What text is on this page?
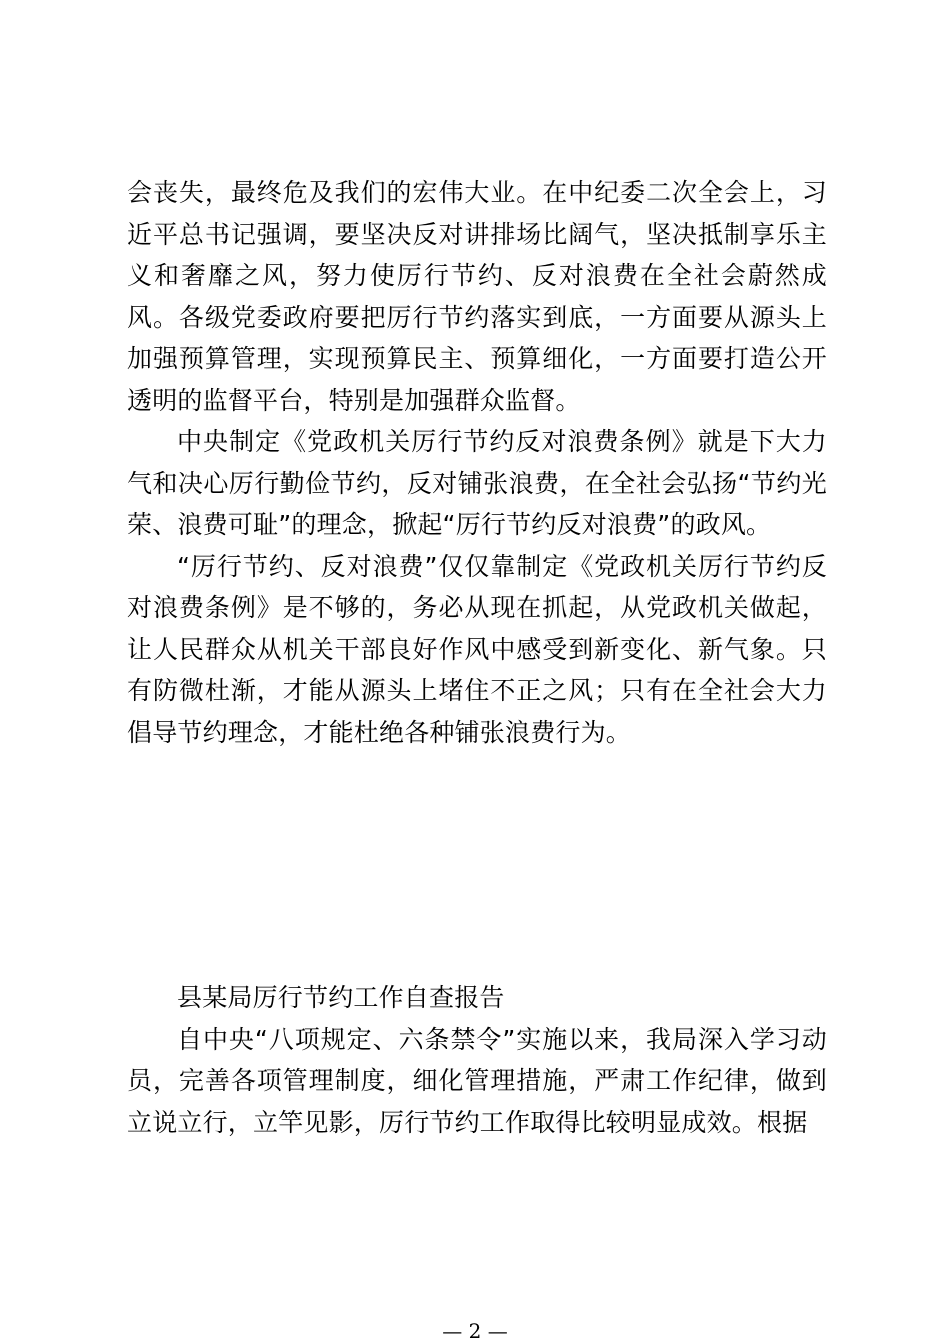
会丧失，最终危及我们的宏伟大业。在中纪委二次全会上，习近平总书记强调，要坚决反对讲排场比阔气，坚决抵制享乐主义和奢靡之风，努力使厉行节约、反对浪费在全社会蔚然成风。各级党委政府要把厉行节约落实到底，一方面要从源头上加强预算管理，实现预算民主、预算细化，一方面要打造公开透明的监督平台，特别是加强群众监督。

中央制定《党政机关厉行节约反对浪费条例》就是下大力气和决心厉行勤俭节约，反对铺张浪费，在全社会弘扬“节约光荣、浪费可耻”的理念，掀起“厉行节约反对浪费”的政风。

“厉行节约、反对浪费”仅仅靠制定《党政机关厉行节约反对浪费条例》是不够的，务必从现在抓起，从党政机关做起，让人民群众从机关干部良好作风中感受到新变化、新气象。只有防微杜渐，才能从源头上堵住不正之风；只有在全社会大力倡导节约理念，才能杜绝各种铺张浪费行为。

县某局厉行节约工作自查报告

自中央“八项规定、六条禁令”实施以来，我局深入学习动员，完善各项管理制度，细化管理措施，严肃工作纪律，做到立说立行，立竿见影，厉行节约工作取得比较明显成效。根据

— 2 —
